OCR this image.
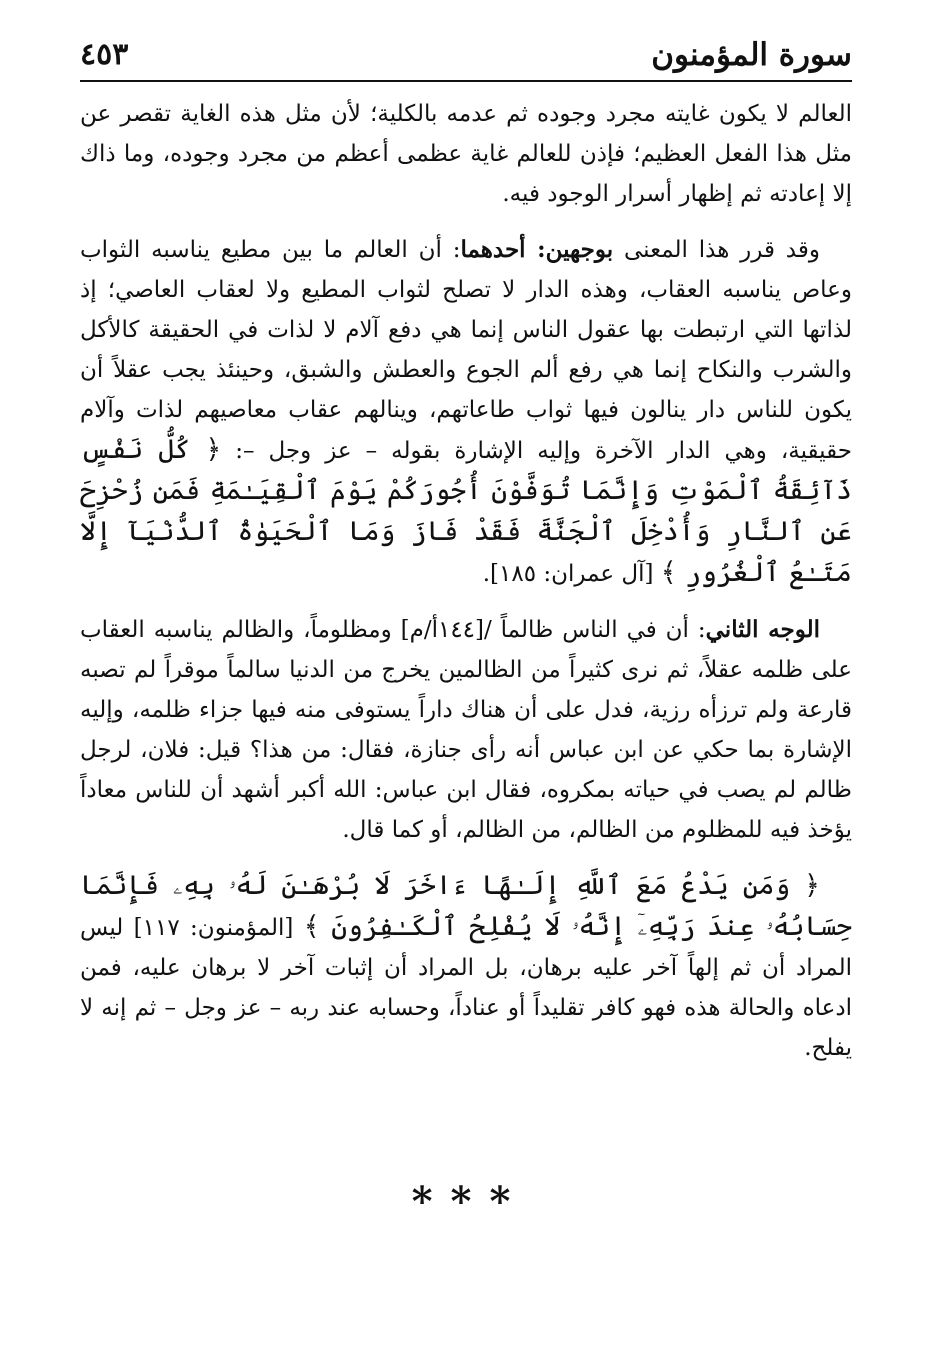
سورة المؤمنون
٤٥٣

العالم لا يكون غايته مجرد وجوده ثم عدمه بالكلية؛ لأن مثل هذه الغاية تقصر عن مثل هذا الفعل العظيم؛ فإذن للعالم غاية عظمى أعظم من مجرد وجوده، وما ذاك إلا إعادته ثم إظهار أسرار الوجود فيه.

وقد قرر هذا المعنى بوجهين: أحدهما: أن العالم ما بين مطيع يناسبه الثواب وعاص يناسبه العقاب، وهذه الدار لا تصلح لثواب المطيع ولا لعقاب العاصي؛ إذ لذاتها التي ارتبطت بها عقول الناس إنما هي دفع آلام لا لذات في الحقيقة كالأكل والشرب والنكاح إنما هي رفع ألم الجوع والعطش والشبق، وحينئذ يجب عقلاً أن يكون للناس دار ينالون فيها ثواب طاعاتهم، وينالهم عقاب معاصيهم لذات وآلام حقيقية، وهي الدار الآخرة وإليه الإشارة بقوله – عز وجل –: ﴿ كُلُّ نَفْسٍ ذَآئِقَةُ ٱلْمَوْتِ وَإِنَّمَا تُوَفَّوْنَ أُجُورَكُمْ يَوْمَ ٱلْقِيَـٰمَةِ فَمَن زُحْزِحَ عَنِ ٱلنَّارِ وَأُدْخِلَ ٱلْجَنَّةَ فَقَدْ فَازَ وَمَا ٱلْحَيَوٰةُ ٱلدُّنْيَآ إِلَّا مَتَـٰعُ ٱلْغُرُورِ ﴾ [آل عمران: ١٨٥].

الوجه الثاني: أن في الناس ظالماً /[١٤٤أ/م] ومظلوماً، والظالم يناسبه العقاب على ظلمه عقلاً، ثم نرى كثيراً من الظالمين يخرج من الدنيا سالماً موقراً لم تصبه قارعة ولم ترزأه رزية، فدل على أن هناك داراً يستوفى منه فيها جزاء ظلمه، وإليه الإشارة بما حكي عن ابن عباس أنه رأى جنازة، فقال: من هذا؟ قيل: فلان، لرجل ظالم لم يصب في حياته بمكروه، فقال ابن عباس: الله أكبر أشهد أن للناس معاداً يؤخذ فيه للمظلوم من الظالم، من الظالم، أو كما قال.

﴿ وَمَن يَدْعُ مَعَ ٱللَّهِ إِلَـٰهًا ءَاخَرَ لَا بُرْهَـٰنَ لَهُۥ بِهِۦ فَإِنَّمَا حِسَابُهُۥ عِندَ رَبِّهِۦٓ إِنَّهُۥ لَا يُفْلِحُ ٱلْكَـٰفِرُونَ ﴾ [المؤمنون: ١١٧] ليس المراد أن ثم إلهاً آخر عليه برهان، بل المراد أن إثبات آخر لا برهان عليه، فمن ادعاه والحالة هذه فهو كافر تقليداً أو عناداً، وحسابه عند ربه – عز وجل – ثم إنه لا يفلح.

***
